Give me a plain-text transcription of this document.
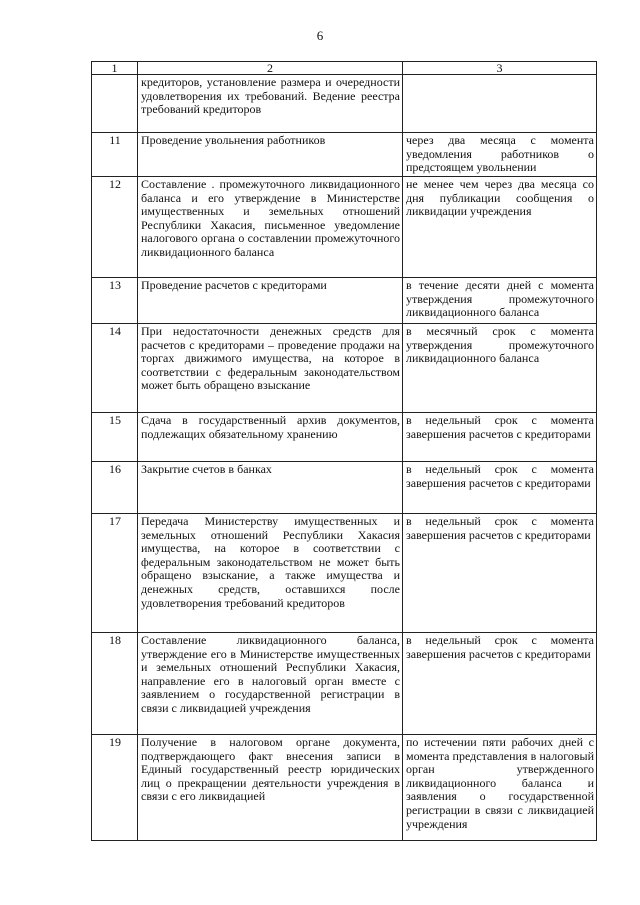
6
1	2	3
	кредиторов, установление размера и очередности удовлетворения их требований. Ведение реестра требований кредиторов	
11	Проведение увольнения работников	через два месяца с момента уведомления работников о предстоящем увольнении
12	Составление . промежуточного ликвидационного баланса и его утверждение в Министерстве имущественных и земельных отношений Республики Хакасия, письменное уведомление налогового органа о составлении промежуточного ликвидационного баланса	не менее чем через два месяца со дня публикации сообщения о ликвидации учреждения
13	Проведение расчетов с кредиторами	в течение десяти дней с момента утверждения промежуточного ликвидационного баланса
14	При недостаточности денежных средств для расчетов с кредиторами – проведение продажи на торгах движимого имущества, на которое в соответствии с федеральным законодательством может быть обращено взыскание	в месячный срок с момента утверждения промежуточного ликвидационного баланса
15	Сдача в государственный архив документов, подлежащих обязательному хранению	в недельный срок с момента завершения расчетов с кредиторами
16	Закрытие счетов в банках	в недельный срок с момента завершения расчетов с кредиторами
17	Передача Министерству имущественных и земельных отношений Республики Хакасия имущества, на которое в соответствии с федеральным законодательством не может быть обращено взыскание, а также имущества и денежных средств, оставшихся после удовлетворения требований кредиторов	в недельный срок с момента завершения расчетов с кредиторами
18	Составление ликвидационного баланса, утверждение его в Министерстве имущественных и земельных отношений Республики Хакасия, направление его в налоговый орган вместе с заявлением о государственной регистрации в связи с ликвидацией учреждения	в недельный срок с момента завершения расчетов с кредиторами
19	Получение в налоговом органе документа, подтверждающего факт внесения записи в Единый государственный реестр юридических лиц о прекращении деятельности учреждения в связи с его ликвидацией	по истечении пяти рабочих дней с момента представления в налоговый орган утвержденного ликвидационного баланса и заявления о государственной регистрации в связи с ликвидацией учреждения
